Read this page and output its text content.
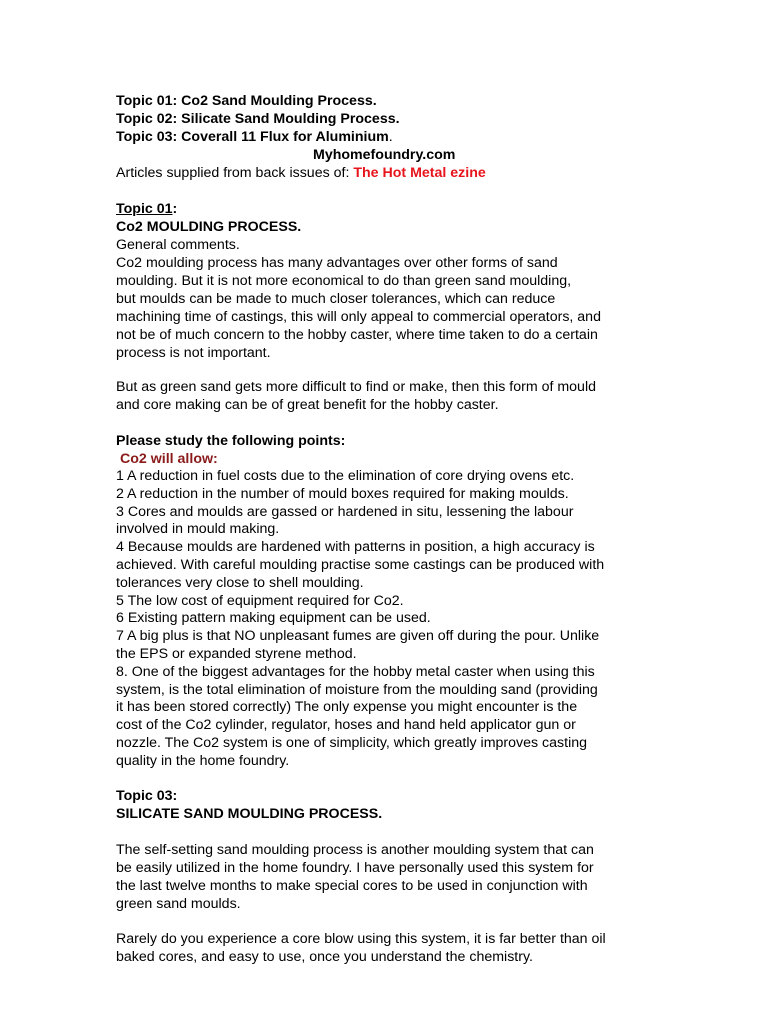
Topic 01: Co2 Sand Moulding Process.
Topic 02: Silicate Sand Moulding Process.
Topic 03: Coverall 11 Flux for Aluminium.
Myhomefoundry.com
Articles supplied from back issues of: The Hot Metal ezine
Topic 01:
Co2 MOULDING PROCESS.
General comments.
Co2 moulding process has many advantages over other forms of sand
moulding. But it is not more economical to do than green sand moulding,
but moulds can be made to much closer tolerances, which can reduce
machining time of castings, this will only appeal to commercial operators, and
not be of much concern to the hobby caster, where time taken to do a certain
process is not important.
But as green sand gets more difficult to find or make, then this form of mould
and core making can be of great benefit for the hobby caster.
Please study the following points:
Co2 will allow:
1 A reduction in fuel costs due to the elimination of core drying ovens etc.
2 A reduction in the number of mould boxes required for making moulds.
3 Cores and moulds are gassed or hardened in situ, lessening the labour
involved in mould making.
4 Because moulds are hardened with patterns in position, a high accuracy is
achieved. With careful moulding practise some castings can be produced with
tolerances very close to shell moulding.
5 The low cost of equipment required for Co2.
6 Existing pattern making equipment can be used.
7 A big plus is that NO unpleasant fumes are given off during the pour. Unlike
the EPS or expanded styrene method.
8. One of the biggest advantages for the hobby metal caster when using this
system, is the total elimination of moisture from the moulding sand (providing
it has been stored correctly) The only expense you might encounter is the
cost of the Co2 cylinder, regulator, hoses and hand held applicator gun or
nozzle. The Co2 system is one of simplicity, which greatly improves casting
quality in the home foundry.
Topic 03:
SILICATE SAND MOULDING PROCESS.
The self-setting sand moulding process is another moulding system that can
be easily utilized in the home foundry. I have personally used this system for
the last twelve months to make special cores to be used in conjunction with
green sand moulds.
Rarely do you experience a core blow using this system, it is far better than oil
baked cores, and easy to use, once you understand the chemistry.
